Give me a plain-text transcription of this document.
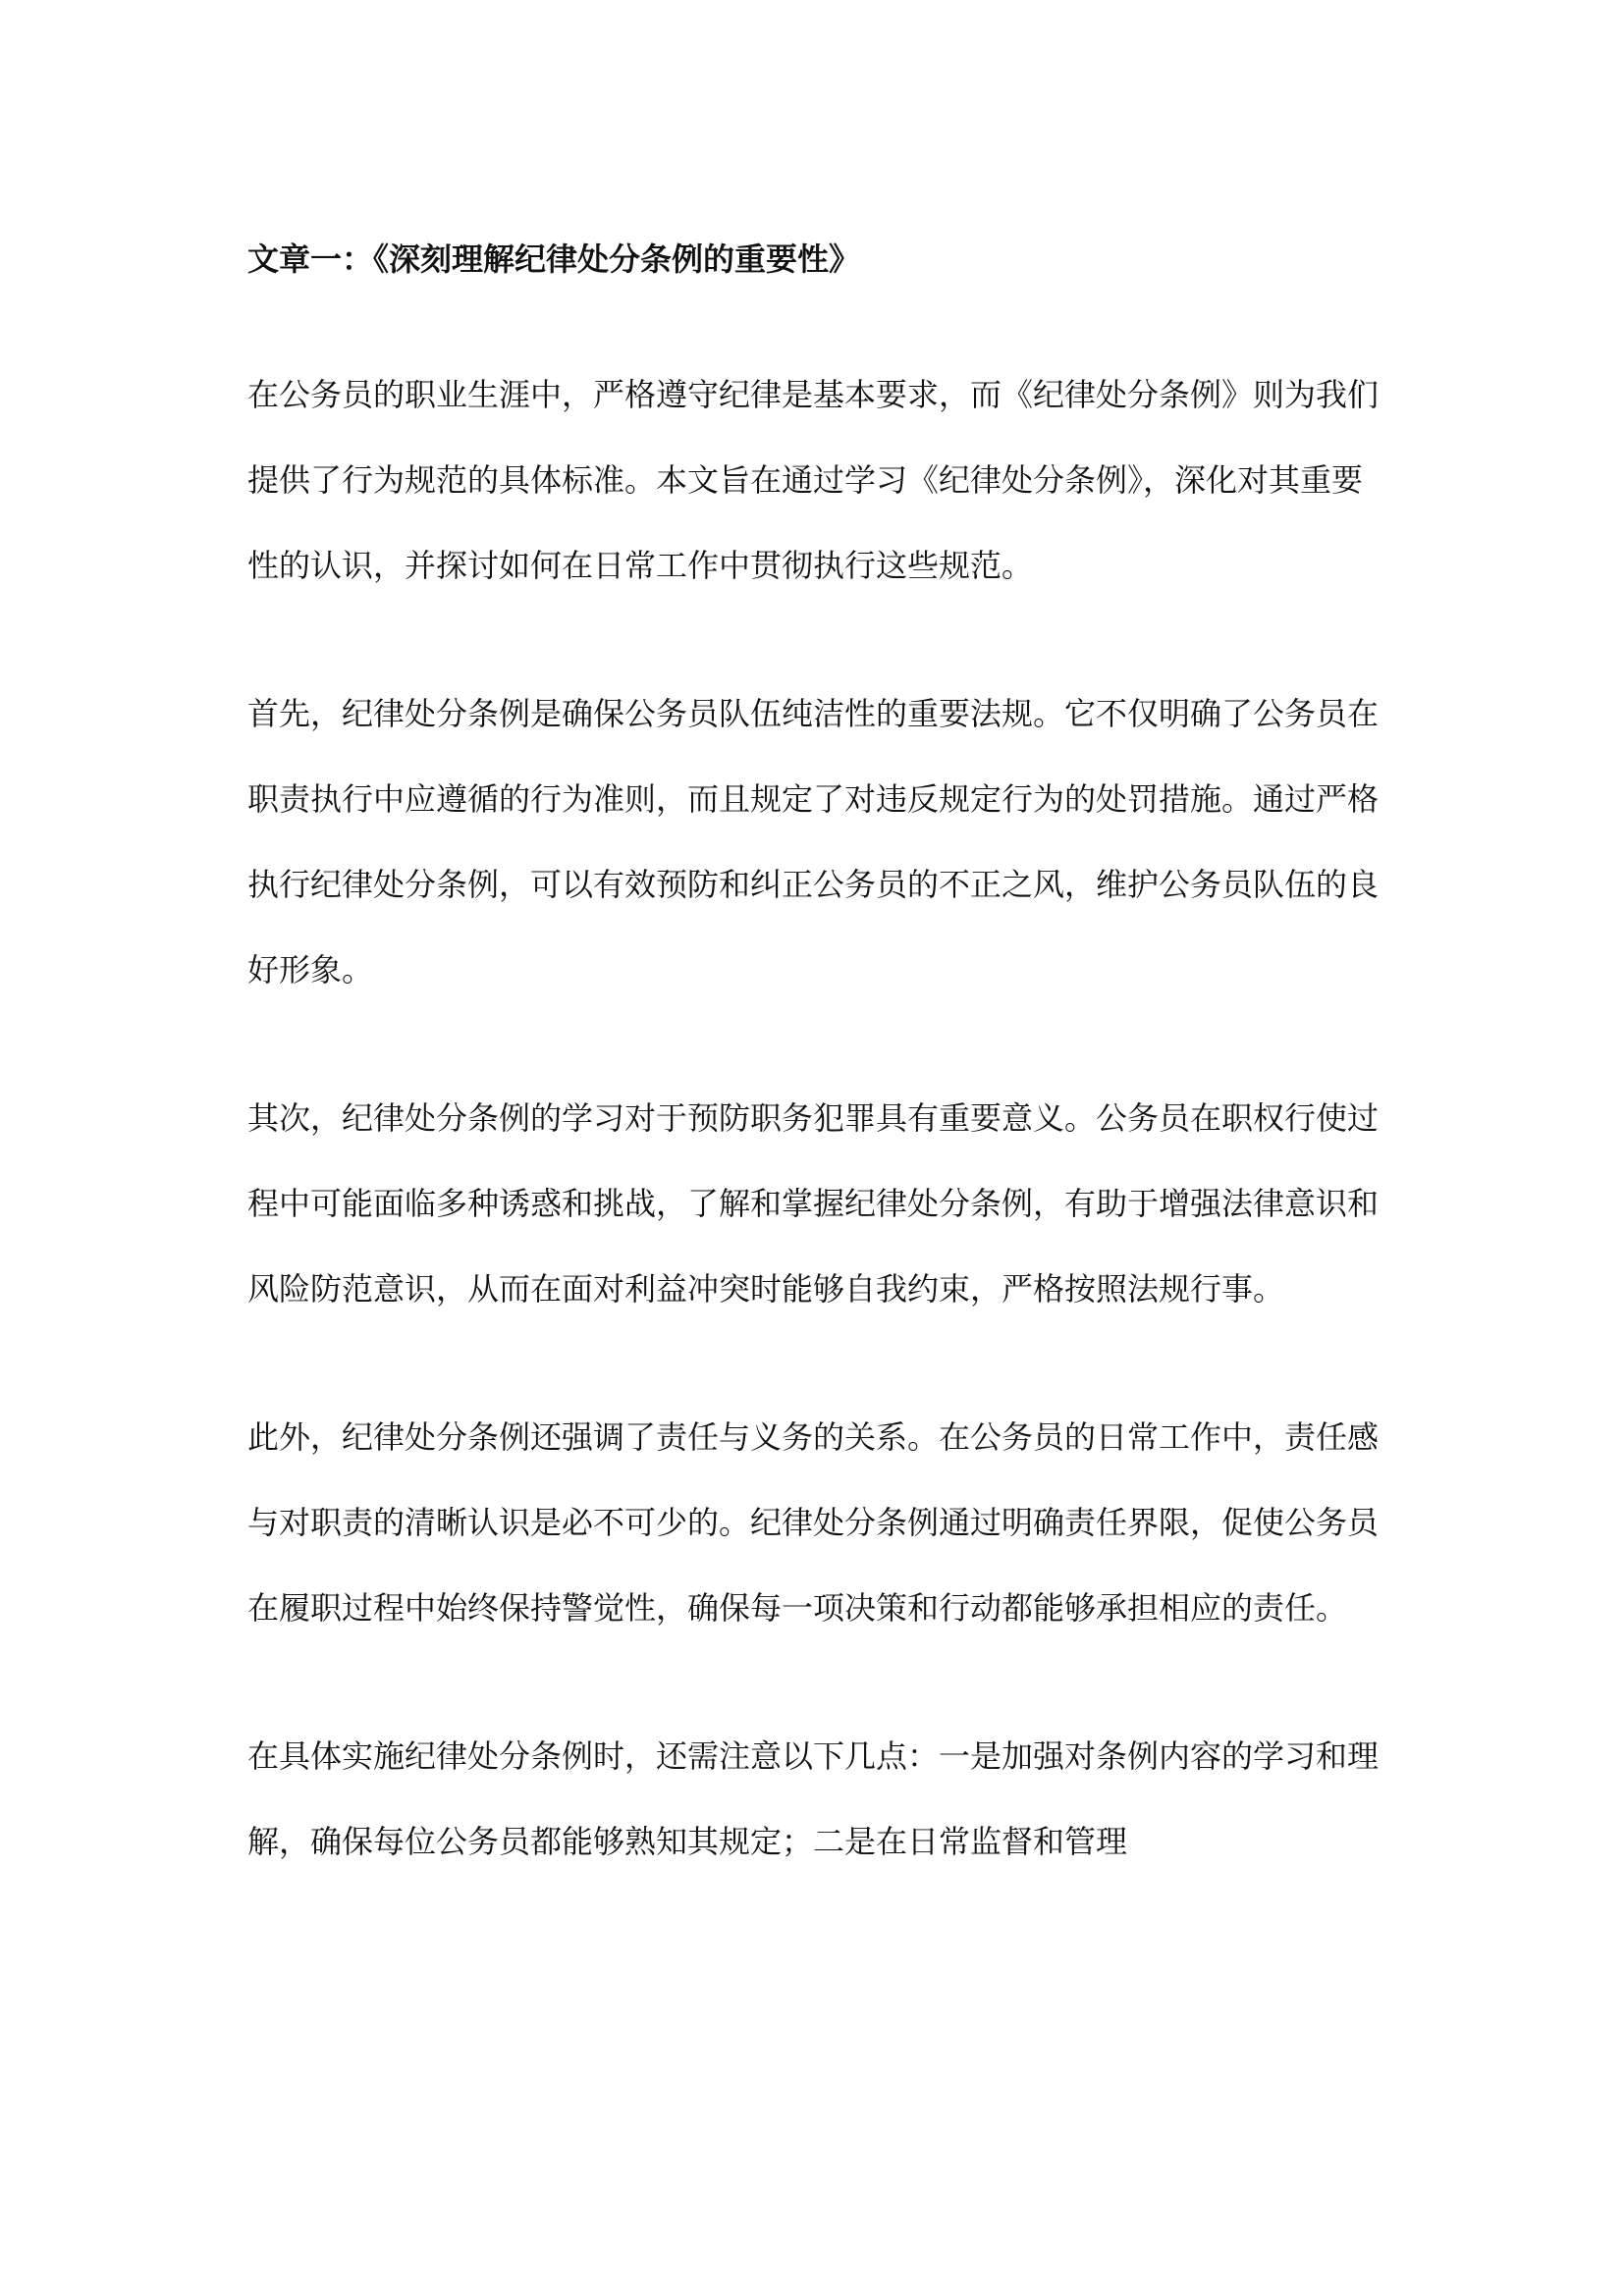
文章一：《深刻理解纪律处分条例的重要性》

在公务员的职业生涯中，严格遵守纪律是基本要求，而《纪律处分条例》则为我们提供了行为规范的具体标准。本文旨在通过学习《纪律处分条例》，深化对其重要性的认识，并探讨如何在日常工作中贯彻执行这些规范。

首先，纪律处分条例是确保公务员队伍纯洁性的重要法规。它不仅明确了公务员在职责执行中应遵循的行为准则，而且规定了对违反规定行为的处罚措施。通过严格执行纪律处分条例，可以有效预防和纠正公务员的不正之风，维护公务员队伍的良好形象。

其次，纪律处分条例的学习对于预防职务犯罪具有重要意义。公务员在职权行使过程中可能面临多种诱惑和挑战，了解和掌握纪律处分条例，有助于增强法律意识和风险防范意识，从而在面对利益冲突时能够自我约束，严格按照法规行事。

此外，纪律处分条例还强调了责任与义务的关系。在公务员的日常工作中，责任感与对职责的清晰认识是必不可少的。纪律处分条例通过明确责任界限，促使公务员在履职过程中始终保持警觉性，确保每一项决策和行动都能够承担相应的责任。

在具体实施纪律处分条例时，还需注意以下几点：一是加强对条例内容的学习和理解，确保每位公务员都能够熟知其规定；二是在日常监督和管理
